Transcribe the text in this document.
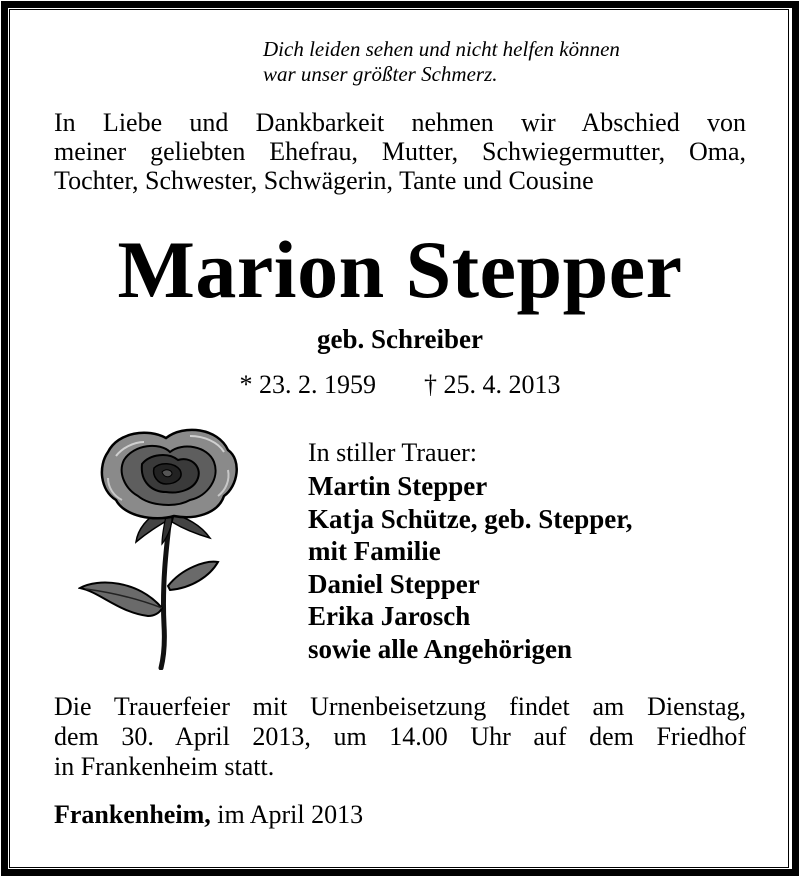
Dich leiden sehen und nicht helfen können
war unser größter Schmerz.
In Liebe und Dankbarkeit nehmen wir Abschied von
meiner geliebten Ehefrau, Mutter, Schwiegermutter, Oma,
Tochter, Schwester, Schwägerin, Tante und Cousine
Marion Stepper
geb. Schreiber
* 23. 2. 1959 † 25. 4. 2013
In stiller Trauer:
Martin Stepper
Katja Schütze, geb. Stepper,
mit Familie
Daniel Stepper
Erika Jarosch
sowie alle Angehörigen
Die Trauerfeier mit Urnenbeisetzung findet am Dienstag,
dem 30. April 2013, um 14.00 Uhr auf dem Friedhof
in Frankenheim statt.
Frankenheim, im April 2013
